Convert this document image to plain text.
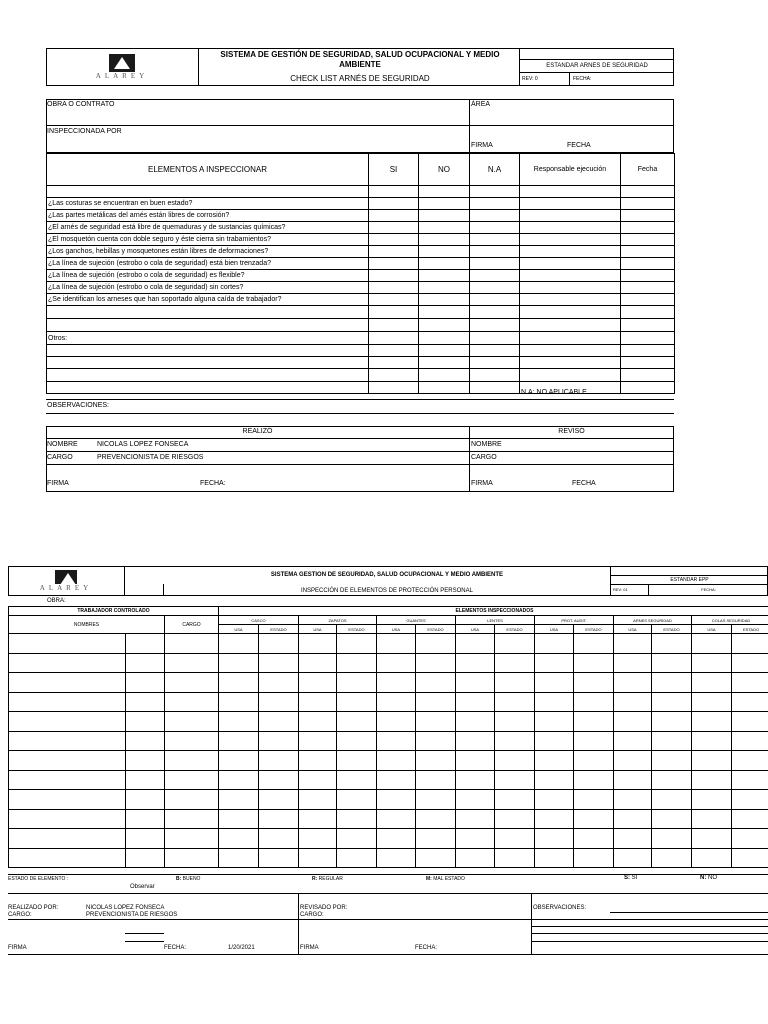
ALAREY
SISTEMA DE GESTIÓN DE SEGURIDAD, SALUD OCUPACIONAL Y MEDIO AMBIENTE
CHECK LIST ARNÉS DE SEGURIDAD
ESTANDAR ARNES DE SEGURIDAD
REV: 0	FECHA:
OBRA O CONTRATO	ÁREA
INSPECCIONADA POR
FIRMA	FECHA
ELEMENTOS A INSPECCIONAR	SI	NO	N.A	Responsable ejecución	Fecha

¿Las costuras se encuentran en buen estado?					
¿Las partes metálicas del arnés están libres de corrosión?					
¿El arnés de seguridad está libre de quemaduras y de sustancias químicas?					
¿El mosquetón cuenta con doble seguro y éste cierra sin trabamientos?					
¿Los ganchos, hebillas y mosquetones están libres de deformaciones?					
¿La línea de sujeción (estrobo o cola de seguridad) está bien trenzada?					
¿La línea de sujeción (estrobo o cola de seguridad) es flexible?					
¿La línea de sujeción (estrobo o cola de seguridad) sin cortes?					
¿Se identifican los arneses que han soportado alguna caída de trabajador?					

Otros:					

N.A: NO APLICABLE
OBSERVACIONES:
REALIZÓ	REVISÓ
NOMBRE	NICOLAS LOPEZ FONSECA	NOMBRE
CARGO	PREVENCIONISTA DE RIESGOS	CARGO
FIRMA	FECHA:	FIRMA	FECHA
ALAREY
SISTEMA GESTION DE SEGURIDAD, SALUD OCUPACIONAL Y MEDIO AMBIENTE
INSPECCIÓN DE ELEMENTOS DE PROTECCIÓN PERSONAL
ESTANDAR EPP
REV: 01	FECHA:
OBRA:
TRABAJADOR CONTROLADO			ELEMENTOS INSPECCIONADOS													
NOMBRES		CARGO	CASCO		ZAPATOS		GUANTES		LENTES		PROT. AUDIT.		ARNES SEGURIDAD		COLAS SEGURIDAD	
			USA	ESTADO	USA	ESTADO	USA	ESTADO	USA	ESTADO	USA	ESTADO	USA	ESTADO	USA	ESTADO

ESTADO DE ELEMENTO :
Observar
B: BUENO	R: REGULAR	M: MAL ESTADO	S: SI	N: NO
REALIZADO POR:	NICOLAS LOPEZ FONSECA
CARGO:	PREVENCIONISTA DE RIESGOS
FIRMA	FECHA:	1/20/2021
REVISADO POR:
CARGO:
FIRMA	FECHA:
OBSERVACIONES:
